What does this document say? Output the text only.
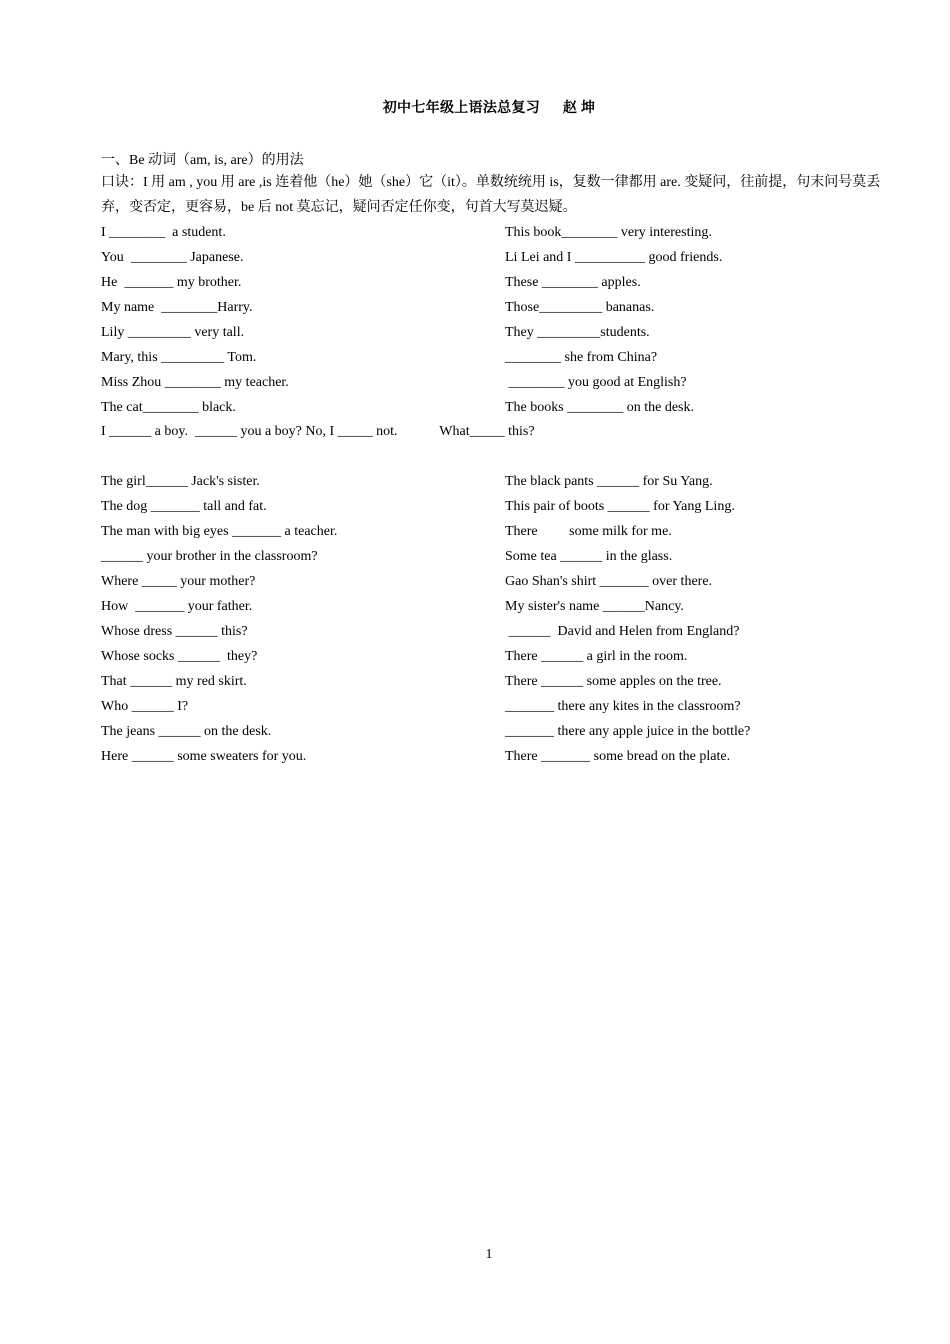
初中七年级上语法总复习      赵 坤
一、Be 动词（am, is, are）的用法
口诀：I 用 am , you 用 are ,is 连着他（he）她（she）它（it）。单数统统用 is，复数一律都用 are. 变疑问，往前提，句末问号莫丢弃，变否定，更容易，be 后 not 莫忘记，疑问否定任你变，句首大写莫迟疑。
I ________  a student.
You  ________ Japanese.
He  _______ my brother.
My name  ________Harry.
Lily _________ very tall.
Mary, this _________ Tom.
Miss Zhou ________ my teacher.
The cat________ black.
This book________ very interesting.
Li Lei and I __________ good friends.
These ________ apples.
Those_________ bananas.
They _________students.
________ she from China?
________ you good at English?
The books ________ on the desk.
I ______ a boy.  ______ you a boy? No, I _____ not.            What_____ this?
The girl______ Jack's sister.
The dog _______ tall and fat.
The man with big eyes _______ a teacher.
______ your brother in the classroom?
Where _____ your mother?
How  _______ your father.
Whose dress ______ this?
Whose socks ______  they?
That ______ my red skirt.
Who ______ I?
The jeans ______ on the desk.
Here ______ some sweaters for you.
The black pants ______ for Su Yang.
This pair of boots ______ for Yang Ling.
There         some milk for me.
Some tea ______ in the glass.
Gao Shan's shirt _______ over there.
My sister's name ______Nancy.
______  David and Helen from England?
There ______ a girl in the room.
There ______ some apples on the tree.
_______ there any kites in the classroom?
_______ there any apple juice in the bottle?
There _______ some bread on the plate.
1
